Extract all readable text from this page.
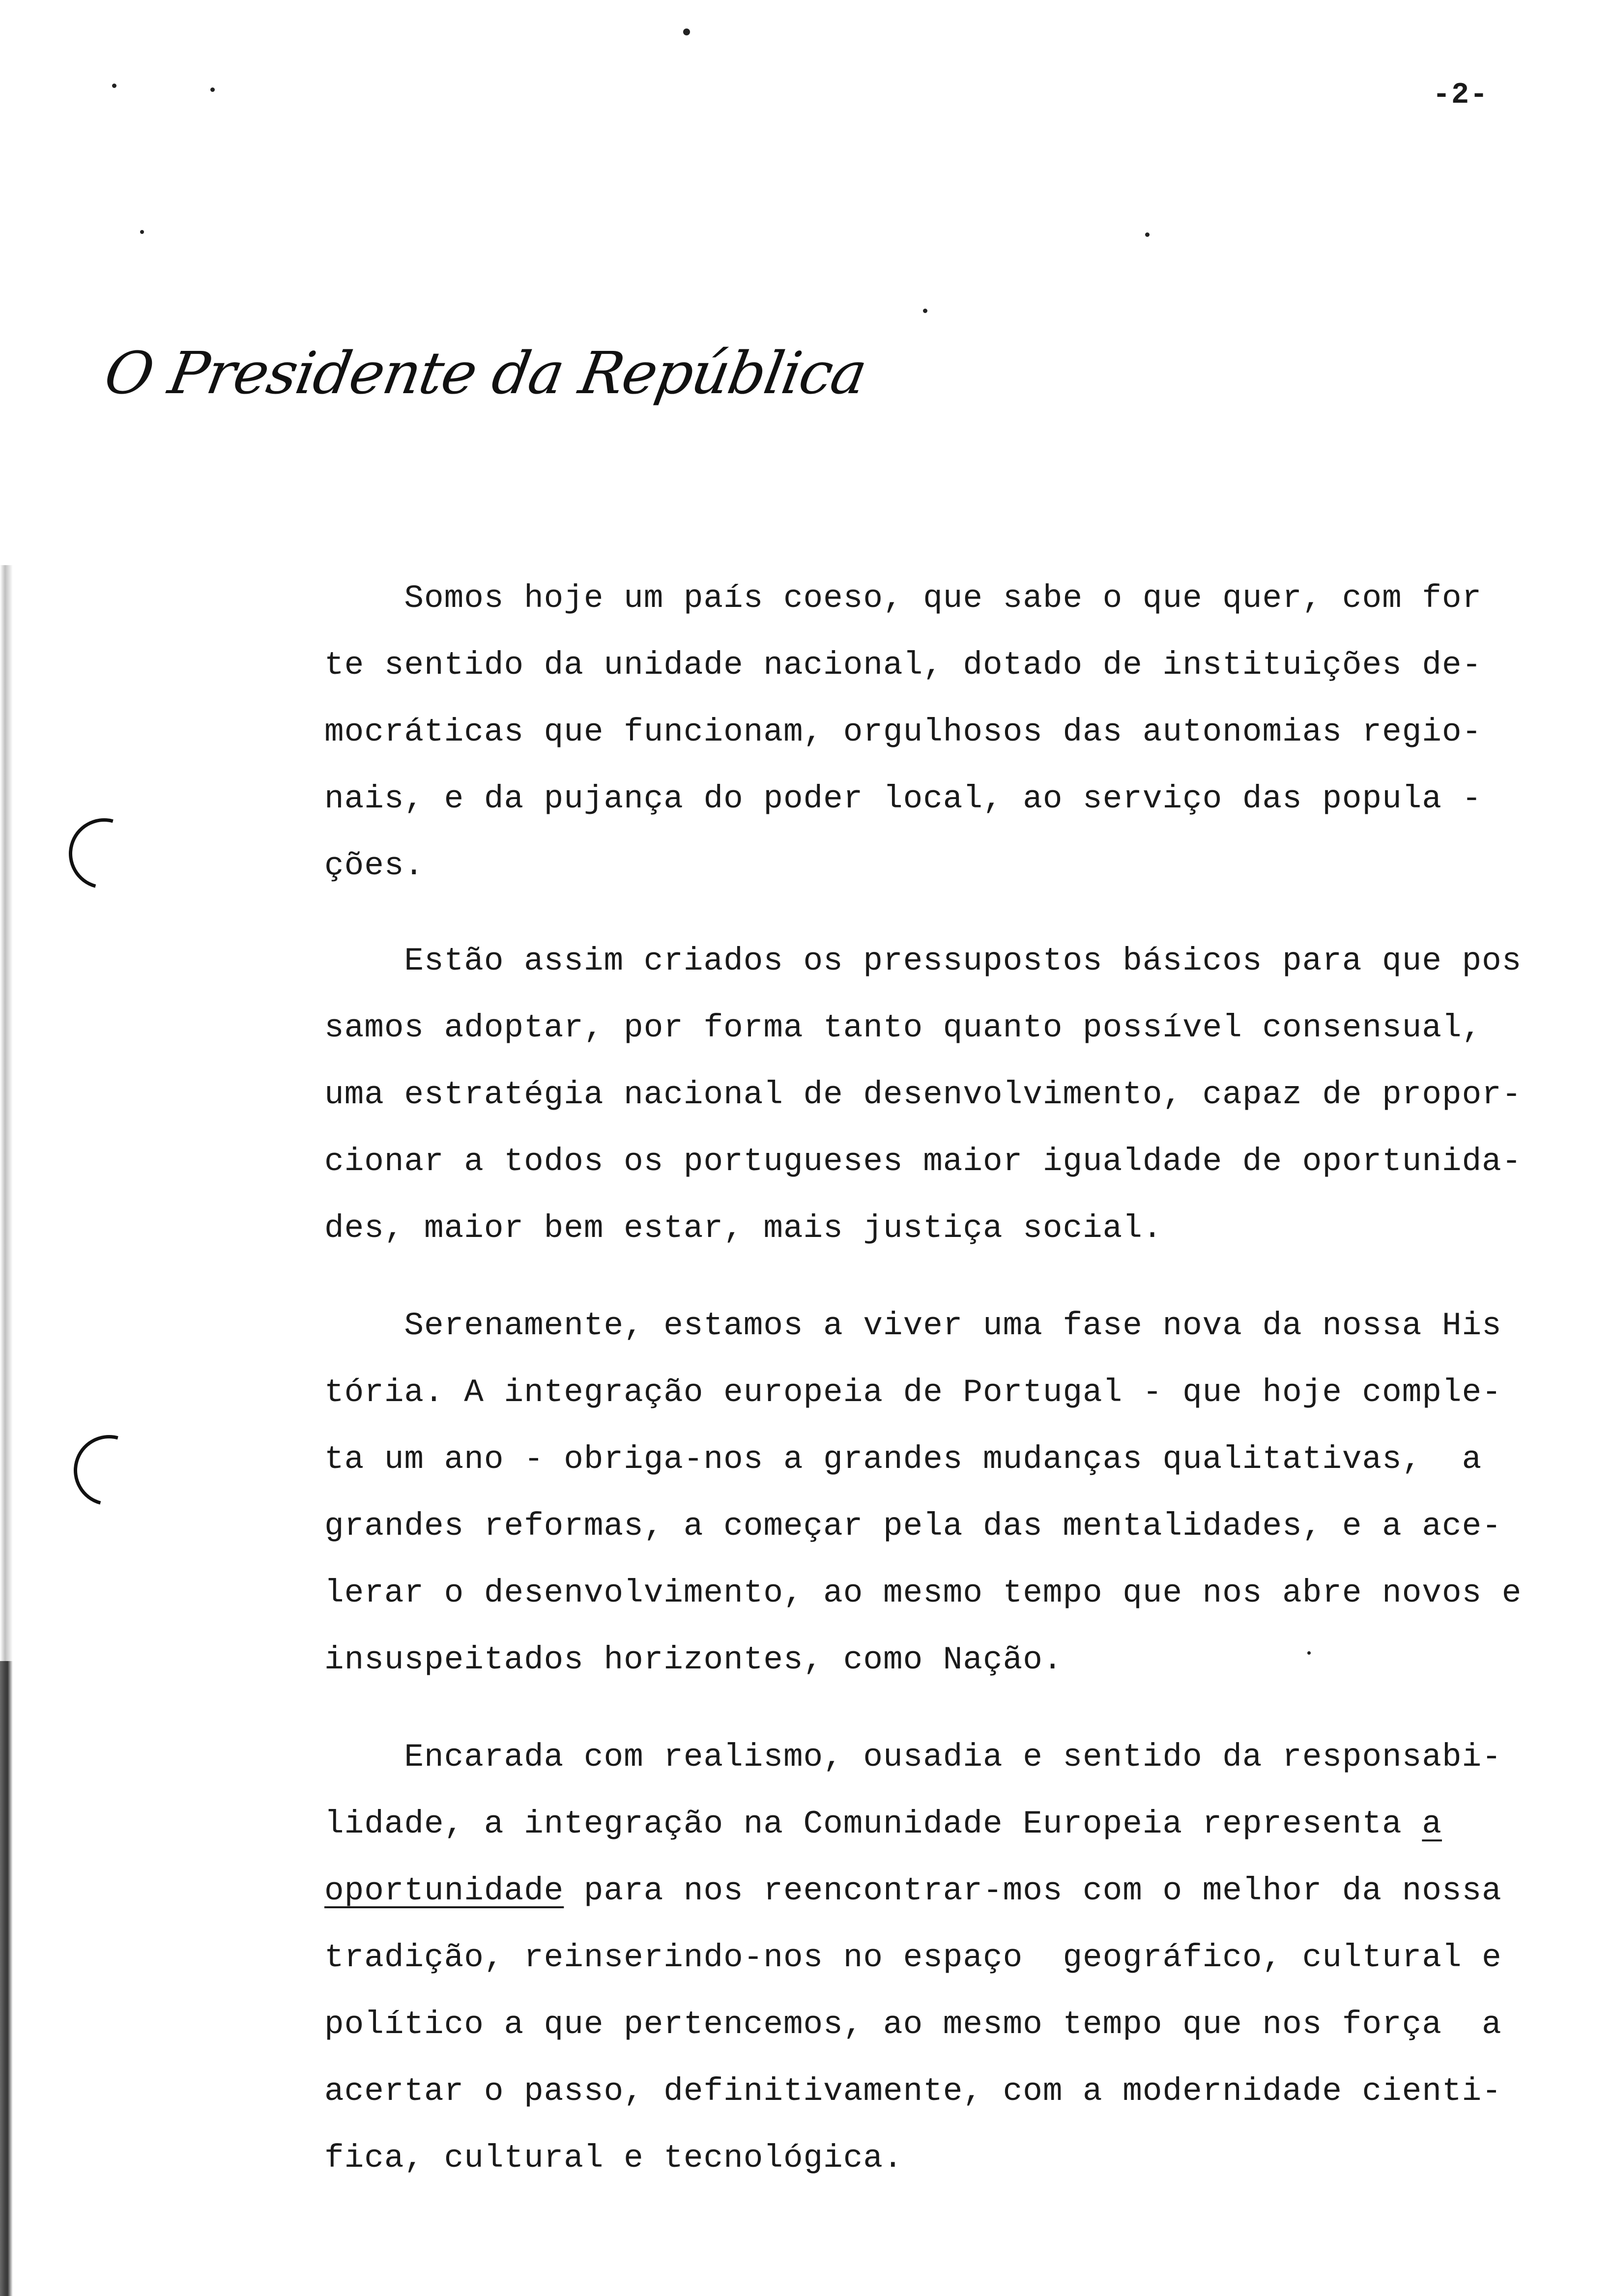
-2-
O Presidente da República
Somos hoje um país coeso, que sabe o que quer, com for
te sentido da unidade nacional, dotado de instituições de-
mocráticas que funcionam, orgulhosos das autonomias regio-
nais, e da pujança do poder local, ao serviço das popula -
ções.
Estão assim criados os pressupostos básicos para que pos
samos adoptar, por forma tanto quanto possível consensual,
uma estratégia nacional de desenvolvimento, capaz de propor-
cionar a todos os portugueses maior igualdade de oportunida-
des, maior bem estar, mais justiça social.
Serenamente, estamos a viver uma fase nova da nossa His
tória. A integração europeia de Portugal - que hoje comple-
ta um ano - obriga-nos a grandes mudanças qualitativas,  a
grandes reformas, a começar pela das mentalidades, e a ace-
lerar o desenvolvimento, ao mesmo tempo que nos abre novos e
insuspeitados horizontes, como Nação.
Encarada com realismo, ousadia e sentido da responsabi-
lidade, a integração na Comunidade Europeia representa a
oportunidade para nos reencontrar-mos com o melhor da nossa
tradição, reinserindo-nos no espaço  geográfico, cultural e
político a que pertencemos, ao mesmo tempo que nos força  a
acertar o passo, definitivamente, com a modernidade cienti-
fica, cultural e tecnológica.
